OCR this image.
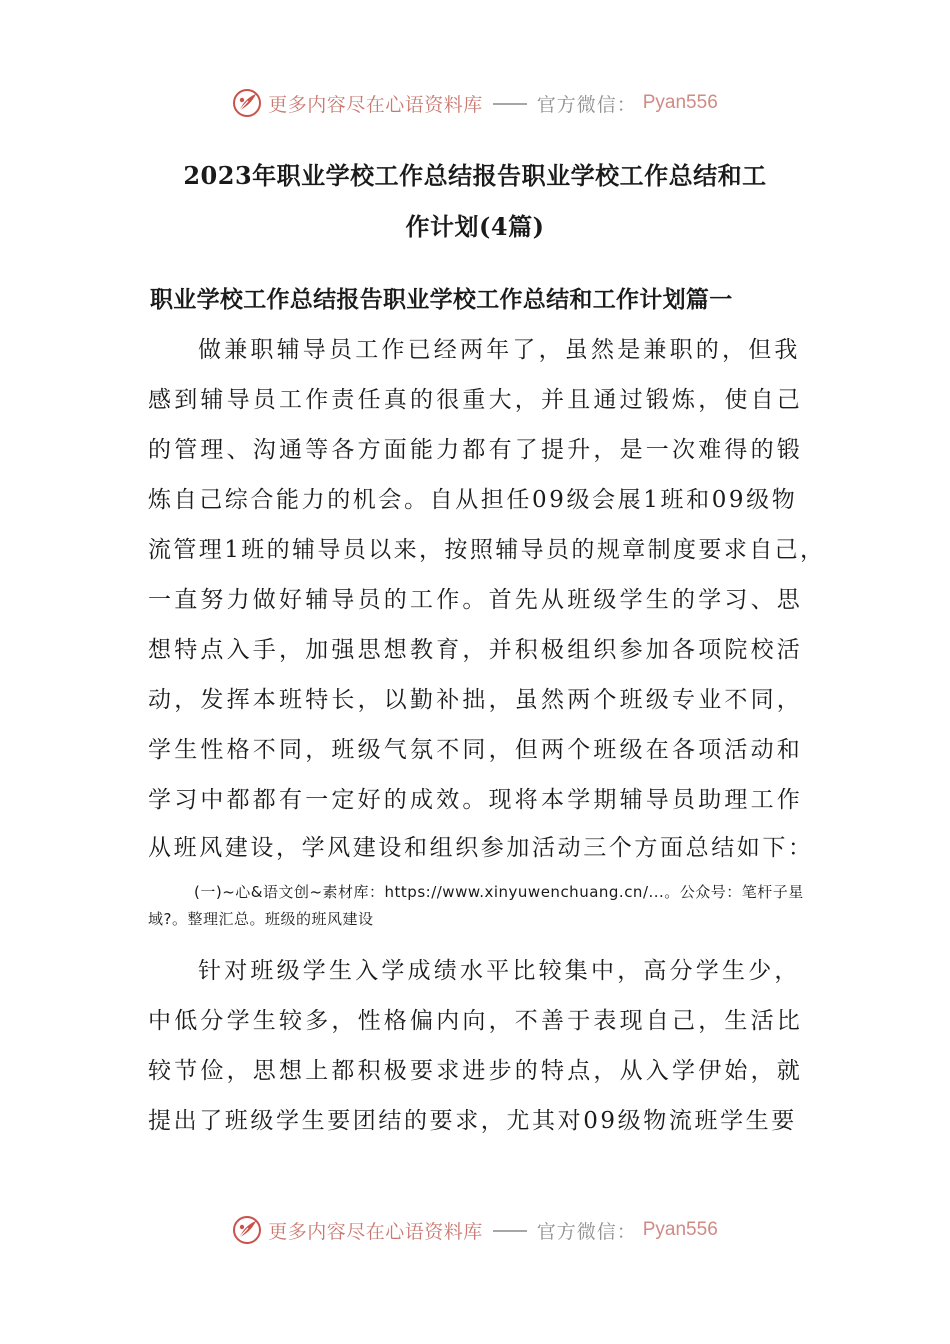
更多内容尽在心语资料库	官方微信： Pyan556
2023年职业学校工作总结报告职业学校工作总结和工
作计划(4篇)
职业学校工作总结报告职业学校工作总结和工作计划篇一
做兼职辅导员工作已经两年了，虽然是兼职的，但我
感到辅导员工作责任真的很重大，并且通过锻炼，使自己
的管理、沟通等各方面能力都有了提升，是一次难得的锻
炼自己综合能力的机会。自从担任09级会展1班和09级物
流管理1班的辅导员以来，按照辅导员的规章制度要求自己，
一直努力做好辅导员的工作。首先从班级学生的学习、思
想特点入手，加强思想教育，并积极组织参加各项院校活
动，发挥本班特长，以勤补拙，虽然两个班级专业不同，
学生性格不同，班级气氛不同，但两个班级在各项活动和
学习中都都有一定好的成效。现将本学期辅导员助理工作
从班风建设，学风建设和组织参加活动三个方面总结如下：
(一)~心&语文创~素材库：https://www.xinyuwenchuang.cn/...。公众号：笔杆子星域?。整理汇总。班级的班风建设
针对班级学生入学成绩水平比较集中，高分学生少，
中低分学生较多，性格偏内向，不善于表现自己，生活比
较节俭，思想上都积极要求进步的特点，从入学伊始，就
提出了班级学生要团结的要求，尤其对09级物流班学生要
更多内容尽在心语资料库	官方微信： Pyan556
